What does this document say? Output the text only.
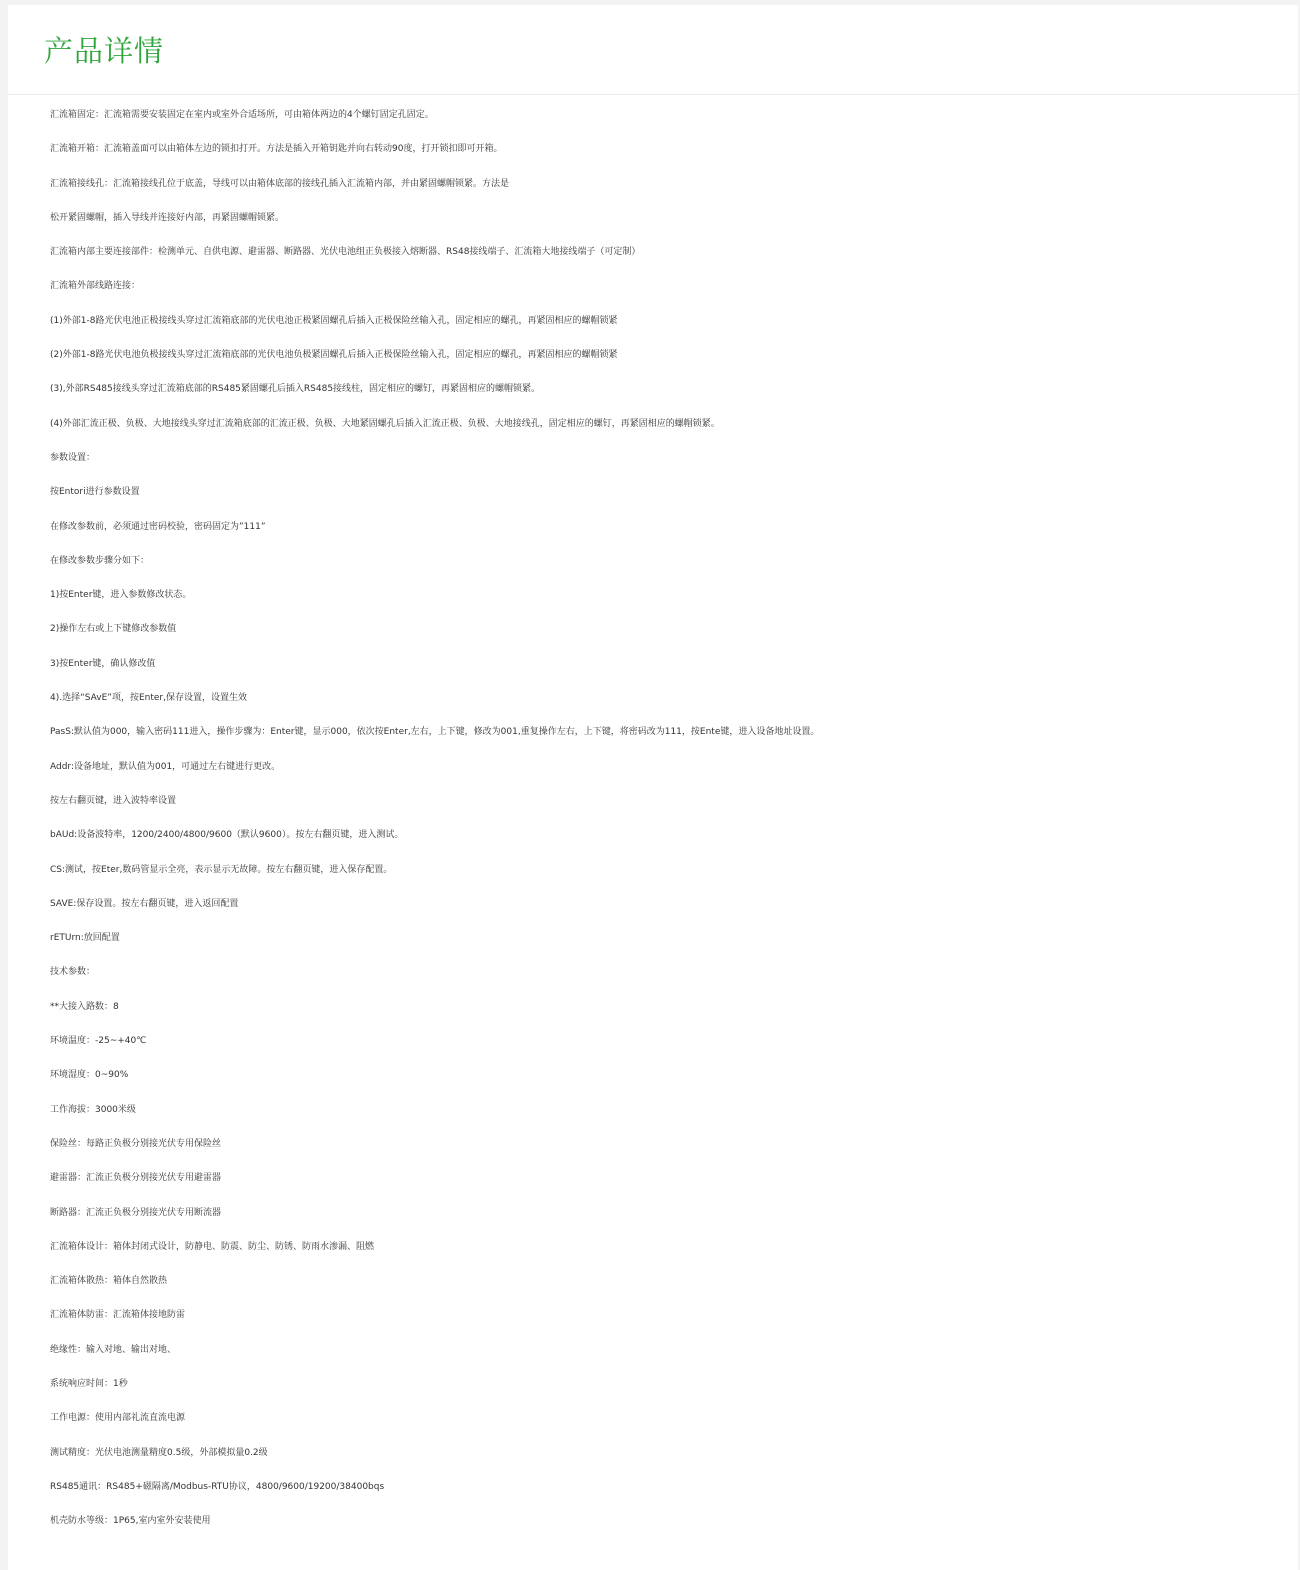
产品详情

汇流箱固定：汇流箱需要安装固定在室内或室外合适场所，可由箱体两边的4个螺钉固定孔固定。

汇流箱开箱：汇流箱盖面可以由箱体左边的锁扣打开。方法是插入开箱钥匙并向右转动90度，打开锁扣即可开箱。

汇流箱接线孔：汇流箱接线孔位于底盖，导线可以由箱体底部的接线孔插入汇流箱内部，并由紧固螺帽锁紧。方法是

松开紧固螺帽，插入导线并连接好内部，再紧固螺帽锁紧。

汇流箱内部主要连接部件：检测单元、自供电源、避雷器、断路器、光伏电池组正负极接入熔断器、RS48接线端子、汇流箱大地接线端子（可定制）

汇流箱外部线路连接：

(1)外部1-8路光伏电池正极接线头穿过汇流箱底部的光伏电池正极紧固螺孔后插入正极保险丝输入孔，固定相应的螺孔，再紧固相应的螺帽锁紧

(2)外部1-8路光伏电池负极接线头穿过汇流箱底部的光伏电池负极紧固螺孔后插入正极保险丝输入孔，固定相应的螺孔，再紧固相应的螺帽锁紧

(3),外部RS485接线头穿过汇流箱底部的RS485紧固螺孔后插入RS485接线柱，固定相应的螺钉，再紧固相应的螺帽锁紧。

(4)外部汇流正极、负极、大地接线头穿过汇流箱底部的汇流正极、负极、大地紧固螺孔后插入汇流正极、负极、大地接线孔，固定相应的螺钉，再紧固相应的螺帽锁紧。

参数设置：

按Entori进行参数设置

在修改参数前，必须通过密码校验，密码固定为”111”

在修改参数步骤分如下：

1)按Enter键，进入参数修改状态。

2)操作左右或上下键修改参数值

3)按Enter键，确认修改值

4).选择“SAvE”项，按Enter,保存设置，设置生效

PasS:默认值为000，输入密码111进入，操作步骤为：Enter键，显示000，依次按Enter,左右，上下键，修改为001,重复操作左右，上下键，将密码改为111，按Ente键，进入设备地址设置。

Addr:设备地址，默认值为001，可通过左右键进行更改。

按左右翻页键，进入波特率设置

bAUd:设备波特率，1200/2400/4800/9600（默认9600）。按左右翻页键，进入测试。

CS:测试，按Eter,数码管显示全亮，表示显示无故障。按左右翻页键，进入保存配置。

SAVE:保存设置。按左右翻页键，进入返回配置

rETUrn:放回配置

技术参数：

**大接入路数：8

环境温度：-25~+40℃

环境湿度：0~90%

工作海拔：3000米级

保险丝：每路正负极分别接光伏专用保险丝

避雷器：汇流正负极分别接光伏专用避雷器

断路器：汇流正负极分别接光伏专用断流器

汇流箱体设计：箱体封闭式设计，防静电、防震、防尘、防锈、防雨水渗漏、阻燃

汇流箱体散热：箱体自然散热

汇流箱体防雷：汇流箱体接地防雷

绝缘性：输入对地、输出对地、

系统响应时间：1秒

工作电源：使用内部礼流直流电源

测试精度：光伏电池测量精度0.5级，外部模拟量0.2级

RS485通讯：RS485+磁隔离/Modbus-RTU协议，4800/9600/19200/38400bqs

机壳防水等级：1P65,室内室外安装使用
